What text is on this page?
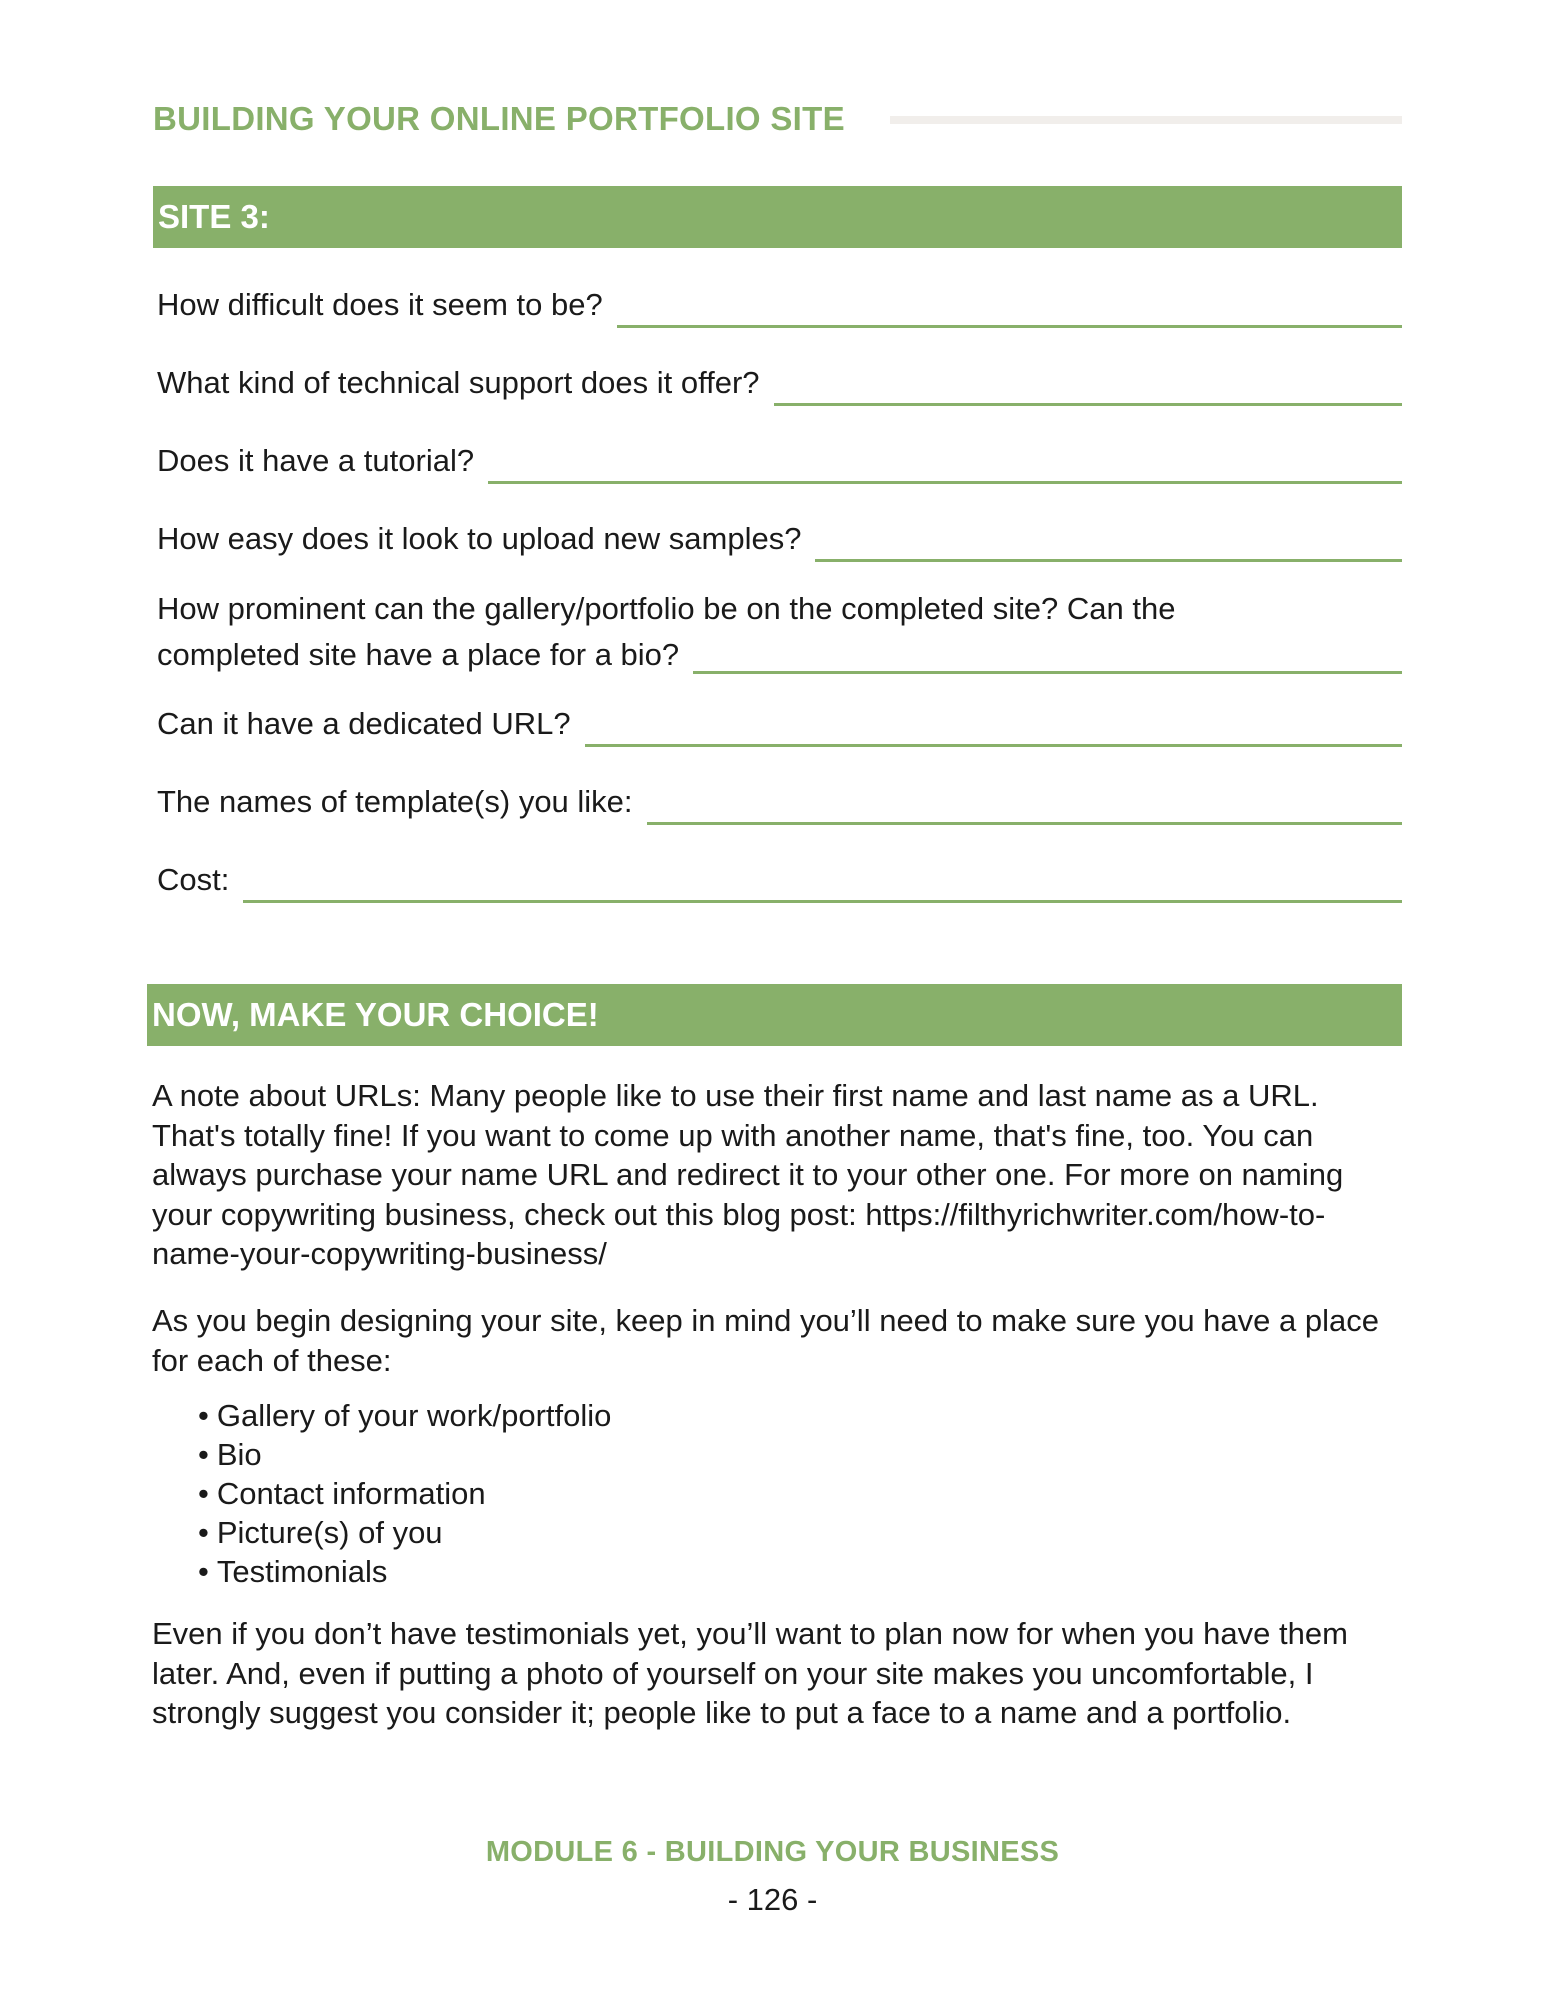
BUILDING YOUR ONLINE PORTFOLIO SITE
SITE 3:
How difficult does it seem to be?
What kind of technical support does it offer?
Does it have a tutorial?
How easy does it look to upload new samples?
How prominent can the gallery/portfolio be on the completed site? Can the
completed site have a place for a bio?
Can it have a dedicated URL?
The names of template(s) you like:
Cost:
NOW, MAKE YOUR CHOICE!

A note about URLs: Many people like to use their first name and last name as a URL. That's totally fine! If you want to come up with another name, that's fine, too. You can always purchase your name URL and redirect it to your other one. For more on naming your copywriting business, check out this blog post: https://filthyrichwriter.com/how-to-name-your-copywriting-business/

As you begin designing your site, keep in mind you’ll need to make sure you have a place for each of these:

• Gallery of your work/portfolio
• Bio
• Contact information
• Picture(s) of you
• Testimonials

Even if you don’t have testimonials yet, you’ll want to plan now for when you have them later. And, even if putting a photo of yourself on your site makes you uncomfortable, I strongly suggest you consider it; people like to put a face to a name and a portfolio.

MODULE 6 - BUILDING YOUR BUSINESS
- 126 -
